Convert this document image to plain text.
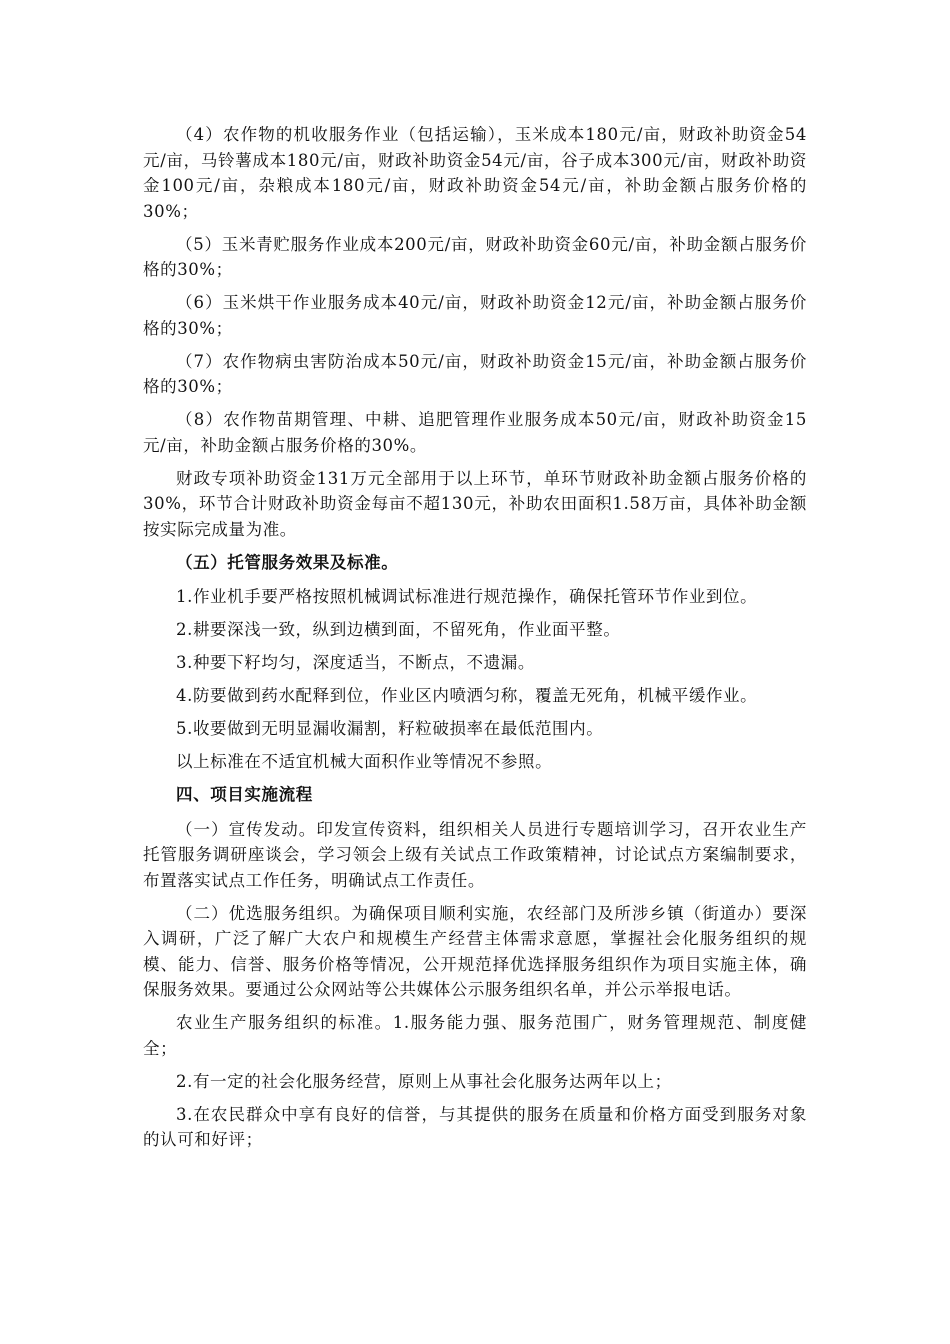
（4）农作物的机收服务作业（包括运输），玉米成本180元/亩，财政补助资金54元/亩，马铃薯成本180元/亩，财政补助资金54元/亩，谷子成本300元/亩，财政补助资金100元/亩，杂粮成本180元/亩，财政补助资金54元/亩，补助金额占服务价格的30%；

（5）玉米青贮服务作业成本200元/亩，财政补助资金60元/亩，补助金额占服务价格的30%；

（6）玉米烘干作业服务成本40元/亩，财政补助资金12元/亩，补助金额占服务价格的30%；

（7）农作物病虫害防治成本50元/亩，财政补助资金15元/亩，补助金额占服务价格的30%；

（8）农作物苗期管理、中耕、追肥管理作业服务成本50元/亩，财政补助资金15元/亩，补助金额占服务价格的30%。

财政专项补助资金131万元全部用于以上环节，单环节财政补助金额占服务价格的30%，环节合计财政补助资金每亩不超130元，补助农田面积1.58万亩，具体补助金额按实际完成量为准。

（五）托管服务效果及标准。

1.作业机手要严格按照机械调试标准进行规范操作，确保托管环节作业到位。

2.耕要深浅一致，纵到边横到面，不留死角，作业面平整。

3.种要下籽均匀，深度适当，不断点，不遗漏。

4.防要做到药水配释到位，作业区内喷洒匀称，覆盖无死角，机械平缓作业。

5.收要做到无明显漏收漏割，籽粒破损率在最低范围内。

以上标准在不适宜机械大面积作业等情况不参照。

四、项目实施流程

（一）宣传发动。印发宣传资料，组织相关人员进行专题培训学习，召开农业生产托管服务调研座谈会，学习领会上级有关试点工作政策精神，讨论试点方案编制要求，布置落实试点工作任务，明确试点工作责任。

（二）优选服务组织。为确保项目顺利实施，农经部门及所涉乡镇（街道办）要深入调研，广泛了解广大农户和规模生产经营主体需求意愿，掌握社会化服务组织的规模、能力、信誉、服务价格等情况，公开规范择优选择服务组织作为项目实施主体，确保服务效果。要通过公众网站等公共媒体公示服务组织名单，并公示举报电话。

农业生产服务组织的标准。1.服务能力强、服务范围广，财务管理规范、制度健全；

2.有一定的社会化服务经营，原则上从事社会化服务达两年以上；

3.在农民群众中享有良好的信誉，与其提供的服务在质量和价格方面受到服务对象的认可和好评；
